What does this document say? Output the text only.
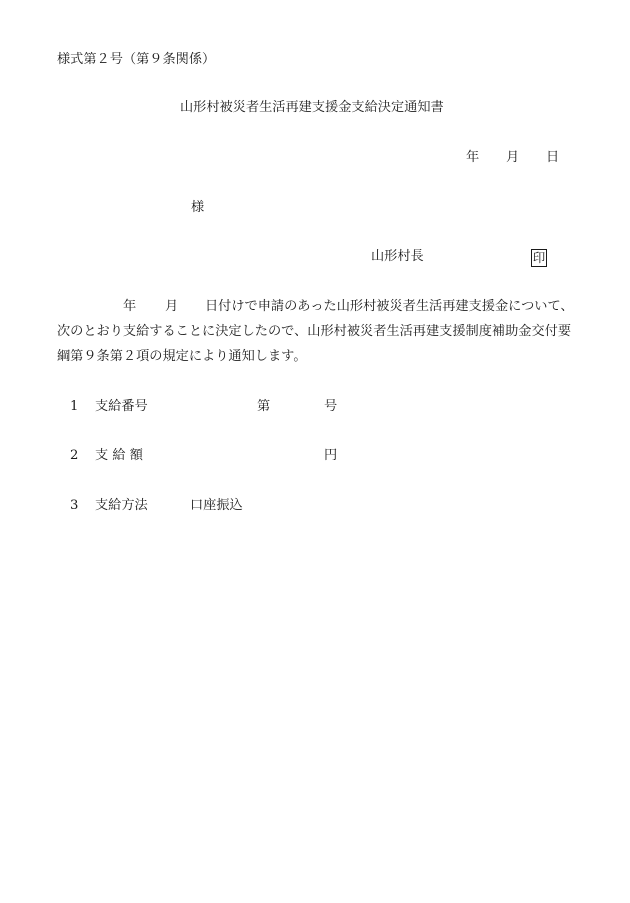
様式第２号（第９条関係）
山形村被災者生活再建支援金支給決定通知書
年 月 日
様
山形村長	印
年 月 日付けで申請のあった山形村被災者生活再建支援金について、
次のとおり支給することに決定したので、山形村被災者生活再建支援制度補助金交付要
綱第９条第２項の規定により通知します。
1 支給番号	第	号
2 支 給 額	円
3 支給方法	口座振込
